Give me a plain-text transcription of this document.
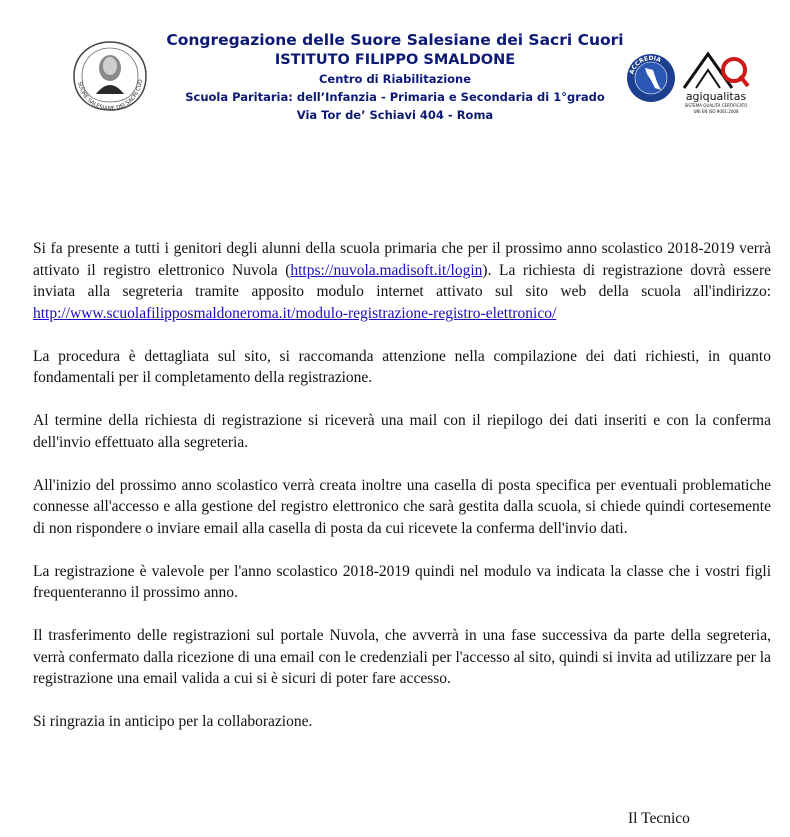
SUORE SALESIANE DEI SACRI CUO
Congregazione delle Suore Salesiane dei Sacri Cuori
ISTITUTO FILIPPO SMALDONE
Centro di Riabilitazione
Scuola Paritaria: dell’Infanzia - Primaria e Secondaria di 1°grado
Via Tor de’ Schiavi 404 - Roma
ACCREDIA
agiqualitas
SISTEMA QUALITÀ CERTIFICATO
UNI EN ISO 9001:2008

Si fa presente a tutti i genitori degli alunni della scuola primaria che per il prossimo anno scolastico 2018-2019 verrà attivato il registro elettronico Nuvola (https://nuvola.madisoft.it/login). La richiesta di registrazione dovrà essere inviata alla segreteria tramite apposito modulo internet attivato sul sito web della scuola all'indirizzo: http://www.scuolafilipposmaldoneroma.it/modulo-registrazione-registro-elettronico/

La procedura è dettagliata sul sito, si raccomanda attenzione nella compilazione dei dati richiesti, in quanto fondamentali per il completamento della registrazione.

Al termine della richiesta di registrazione si riceverà una mail con il riepilogo dei dati inseriti e con la conferma dell'invio effettuato alla segreteria.

All'inizio del prossimo anno scolastico verrà creata inoltre una casella di posta specifica per eventuali problematiche connesse all'accesso e alla gestione del registro elettronico che sarà gestita dalla scuola, si chiede quindi cortesemente di non rispondere o inviare email alla casella di posta da cui ricevete la conferma dell'invio dati.

La registrazione è valevole per l'anno scolastico 2018-2019 quindi nel modulo va indicata la classe che i vostri figli frequenteranno il prossimo anno.

Il trasferimento delle registrazioni sul portale Nuvola, che avverrà in una fase successiva da parte della segreteria, verrà confermato dalla ricezione di una email con le credenziali per l'accesso al sito, quindi si invita ad utilizzare per la registrazione una email valida a cui si è sicuri di poter fare accesso.

Si ringrazia in anticipo per la collaborazione.

Il Tecnico
